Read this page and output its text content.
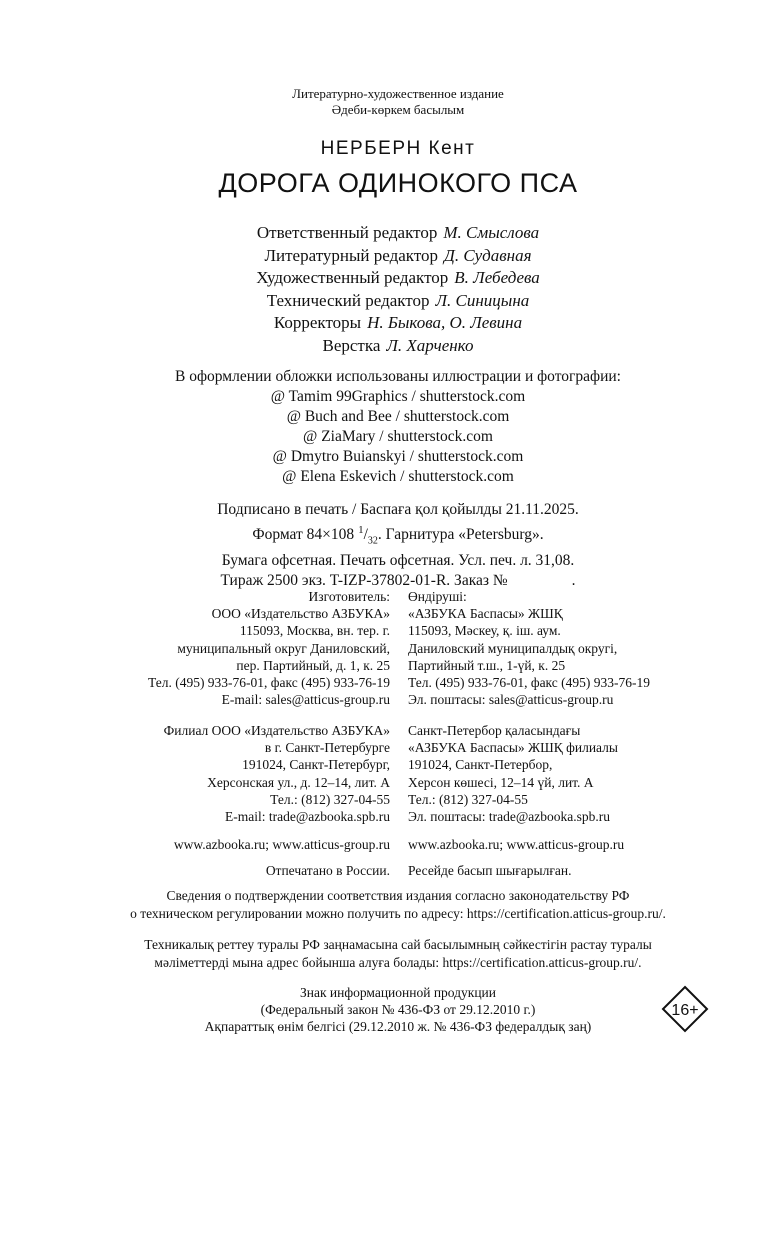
Литературно-художественное издание
Әдеби-көркем басылым
НЕРБЕРН Кент
ДОРОГА ОДИНОКОГО ПСА
Ответственный редактор М. Смыслова
Литературный редактор Д. Судавная
Художественный редактор В. Лебедева
Технический редактор Л. Синицына
Корректоры Н. Быкова, О. Левина
Верстка Л. Харченко
В оформлении обложки использованы иллюстрации и фотографии:
@ Tamim 99Graphics / shutterstock.com
@ Buch and Bee / shutterstock.com
@ ZiaMary / shutterstock.com
@ Dmytro Buianskyi / shutterstock.com
@ Elena Eskevich / shutterstock.com
Подписано в печать / Баспаға қол қойылды 21.11.2025.
Формат 84×108 $^1/_{32}$. Гарнитура «Petersburg».
Бумага офсетная. Печать офсетная. Усл. печ. л. 31,08.
Тираж 2500 экз. T-IZP-37802-01-R. Заказ №	.
Изготовитель:
ООО «Издательство АЗБУКА»
115093, Москва, вн. тер. г.
муниципальный округ Даниловский,
пер. Партийный, д. 1, к. 25
Тел. (495) 933-76-01, факс (495) 933-76-19
E-mail: sales@atticus-group.ru
Өндіруші:
«АЗБУКА Баспасы» ЖШҚ
115093, Мәскеу, қ. іш. аум.
Даниловский муниципалдық округі,
Партийный т.ш., 1-үй, к. 25
Тел. (495) 933-76-01, факс (495) 933-76-19
Эл. поштасы: sales@atticus-group.ru
Филиал ООО «Издательство АЗБУКА»
в г. Санкт-Петербурге
191024, Санкт-Петербург,
Херсонская ул., д. 12–14, лит. А
Тел.: (812) 327-04-55
E-mail: trade@azbooka.spb.ru
Санкт-Петербор қаласындағы
«АЗБУКА Баспасы» ЖШҚ филиалы
191024, Санкт-Петербор,
Херсон көшесі, 12–14 үй, лит. А
Тел.: (812) 327-04-55
Эл. поштасы: trade@azbooka.spb.ru
www.azbooka.ru; www.atticus-group.ru www.azbooka.ru; www.atticus-group.ru
Отпечатано в России. Ресейде басып шығарылған.
Сведения о подтверждении соответствия издания согласно законодательству РФ
о техническом регулировании можно получить по адресу: https://certification.atticus-group.ru/.
Техникалық реттеу туралы РФ заңнамасына сай басылымның сәйкестігін растау туралы
мәліметтерді мына адрес бойынша алуға болады: https://certification.atticus-group.ru/.
Знак информационной продукции
(Федеральный закон № 436-ФЗ от 29.12.2010 г.)
Ақпараттық өнім белгісі (29.12.2010 ж. № 436-ФЗ федералдық заң)
16+
